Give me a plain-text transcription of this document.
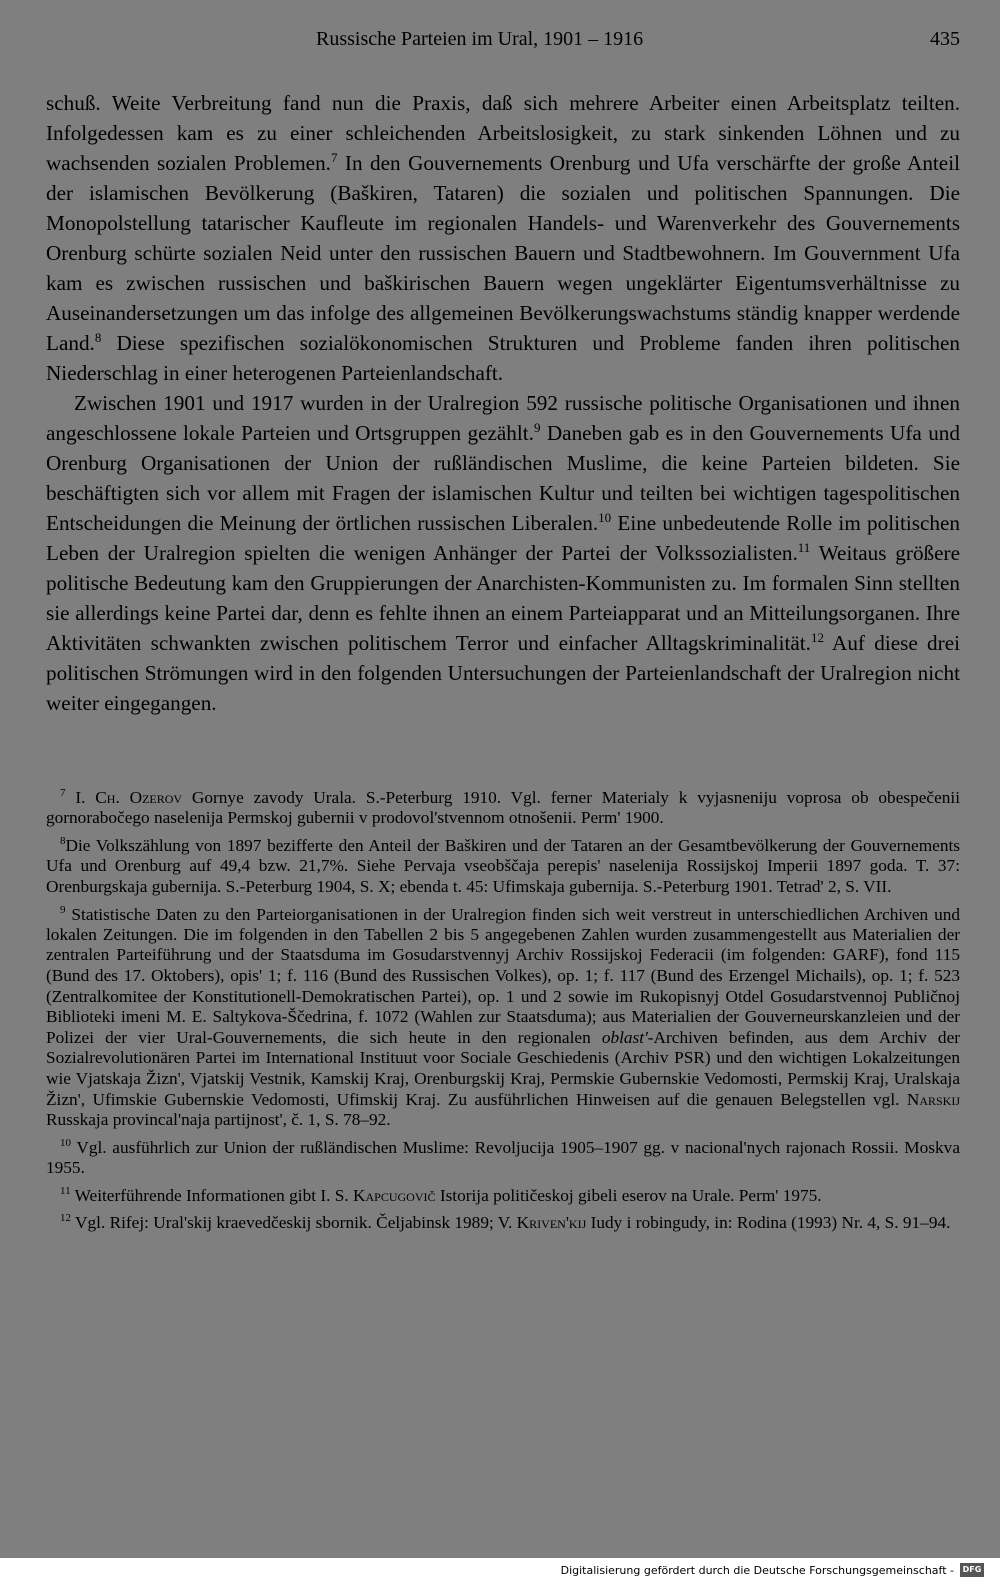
Russische Parteien im Ural, 1901 – 1916	435

schuß. Weite Verbreitung fand nun die Praxis, daß sich mehrere Arbeiter einen Arbeitsplatz teilten. Infolgedessen kam es zu einer schleichenden Arbeitslosigkeit, zu stark sinkenden Löhnen und zu wachsenden sozialen Problemen.$^7$ In den Gouvernements Orenburg und Ufa verschärfte der große Anteil der islamischen Bevölkerung (Baškiren, Tataren) die sozialen und politischen Spannungen. Die Monopolstellung tatarischer Kaufleute im regionalen Handels- und Warenverkehr des Gouvernements Orenburg schürte sozialen Neid unter den russischen Bauern und Stadtbewohnern. Im Gouvernment Ufa kam es zwischen russischen und baškirischen Bauern wegen ungeklärter Eigentumsverhältnisse zu Auseinandersetzungen um das infolge des allgemeinen Bevölkerungswachstums ständig knapper werdende Land.$^8$ Diese spezifischen sozialökonomischen Strukturen und Probleme fanden ihren politischen Niederschlag in einer heterogenen Parteienlandschaft.

Zwischen 1901 und 1917 wurden in der Uralregion 592 russische politische Organisationen und ihnen angeschlossene lokale Parteien und Ortsgruppen gezählt.$^9$ Daneben gab es in den Gouvernements Ufa und Orenburg Organisationen der Union der rußländischen Muslime, die keine Parteien bildeten. Sie beschäftigten sich vor allem mit Fragen der islamischen Kultur und teilten bei wichtigen tagespolitischen Entscheidungen die Meinung der örtlichen russischen Liberalen.$^{10}$ Eine unbedeutende Rolle im politischen Leben der Uralregion spielten die wenigen Anhänger der Partei der Volkssozialisten.$^{11}$ Weitaus größere politische Bedeutung kam den Gruppierungen der Anarchisten-Kommunisten zu. Im formalen Sinn stellten sie allerdings keine Partei dar, denn es fehlte ihnen an einem Parteiapparat und an Mitteilungsorganen. Ihre Aktivitäten schwankten zwischen politischem Terror und einfacher Alltagskriminalität.$^{12}$ Auf diese drei politischen Strömungen wird in den folgenden Untersuchungen der Parteienlandschaft der Uralregion nicht weiter eingegangen.

$^7$ I. Ch. Ozerov Gornye zavody Urala. S.-Peterburg 1910. Vgl. ferner Materialy k vyjasneniju voprosa ob obespečenii gornorabočego naselenija Permskoj gubernii v prodovol'stvennom otnošenii. Perm' 1900.

$^8$Die Volkszählung von 1897 bezifferte den Anteil der Baškiren und der Tataren an der Gesamtbevölkerung der Gouvernements Ufa und Orenburg auf 49,4 bzw. 21,7%. Siehe Pervaja vseobščaja perepis' naselenija Rossijskoj Imperii 1897 goda. T. 37: Orenburgskaja gubernija. S.-Peterburg 1904, S. X; ebenda t. 45: Ufimskaja gubernija. S.-Peterburg 1901. Tetrad' 2, S. VII.

$^9$ Statistische Daten zu den Parteiorganisationen in der Uralregion finden sich weit verstreut in unterschiedlichen Archiven und lokalen Zeitungen. Die im folgenden in den Tabellen 2 bis 5 angegebenen Zahlen wurden zusammengestellt aus Materialien der zentralen Parteiführung und der Staatsduma im Gosudarstvennyj Archiv Rossijskoj Federacii (im folgenden: GARF), fond 115 (Bund des 17. Oktobers), opis' 1; f. 116 (Bund des Russischen Volkes), op. 1; f. 117 (Bund des Erzengel Michails), op. 1; f. 523 (Zentralkomitee der Konstitutionell-Demokratischen Partei), op. 1 und 2 sowie im Rukopisnyj Otdel Gosudarstvennoj Publičnoj Biblioteki imeni M. E. Saltykova-Ščedrina, f. 1072 (Wahlen zur Staatsduma); aus Materialien der Gouverneurskanzleien und der Polizei der vier Ural-Gouvernements, die sich heute in den regionalen oblast'-Archiven befinden, aus dem Archiv der Sozialrevolutionären Partei im International Instituut voor Sociale Geschiedenis (Archiv PSR) und den wichtigen Lokalzeitungen wie Vjatskaja Žizn', Vjatskij Vestnik, Kamskij Kraj, Orenburgskij Kraj, Permskie Gubernskie Vedomosti, Permskij Kraj, Uralskaja Žizn', Ufimskie Gubernskie Vedomosti, Ufimskij Kraj. Zu ausführlichen Hinweisen auf die genauen Belegstellen vgl. Narskij Russkaja provincal'naja partijnost', č. 1, S. 78–92.

$^{10}$ Vgl. ausführlich zur Union der rußländischen Muslime: Revoljucija 1905–1907 gg. v nacional'nych rajonach Rossii. Moskva 1955.

$^{11}$ Weiterführende Informationen gibt I. S. Kapcugovič Istorija političeskoj gibeli eserov na Urale. Perm' 1975.

$^{12}$ Vgl. Rifej: Ural'skij kraevedčeskij sbornik. Čeljabinsk 1989; V. Kriven'kij Iudy i robingudy, in: Rodina (1993) Nr. 4, S. 91–94.

Digitalisierung gefördert durch die Deutsche Forschungsgemeinschaft -	DFG
